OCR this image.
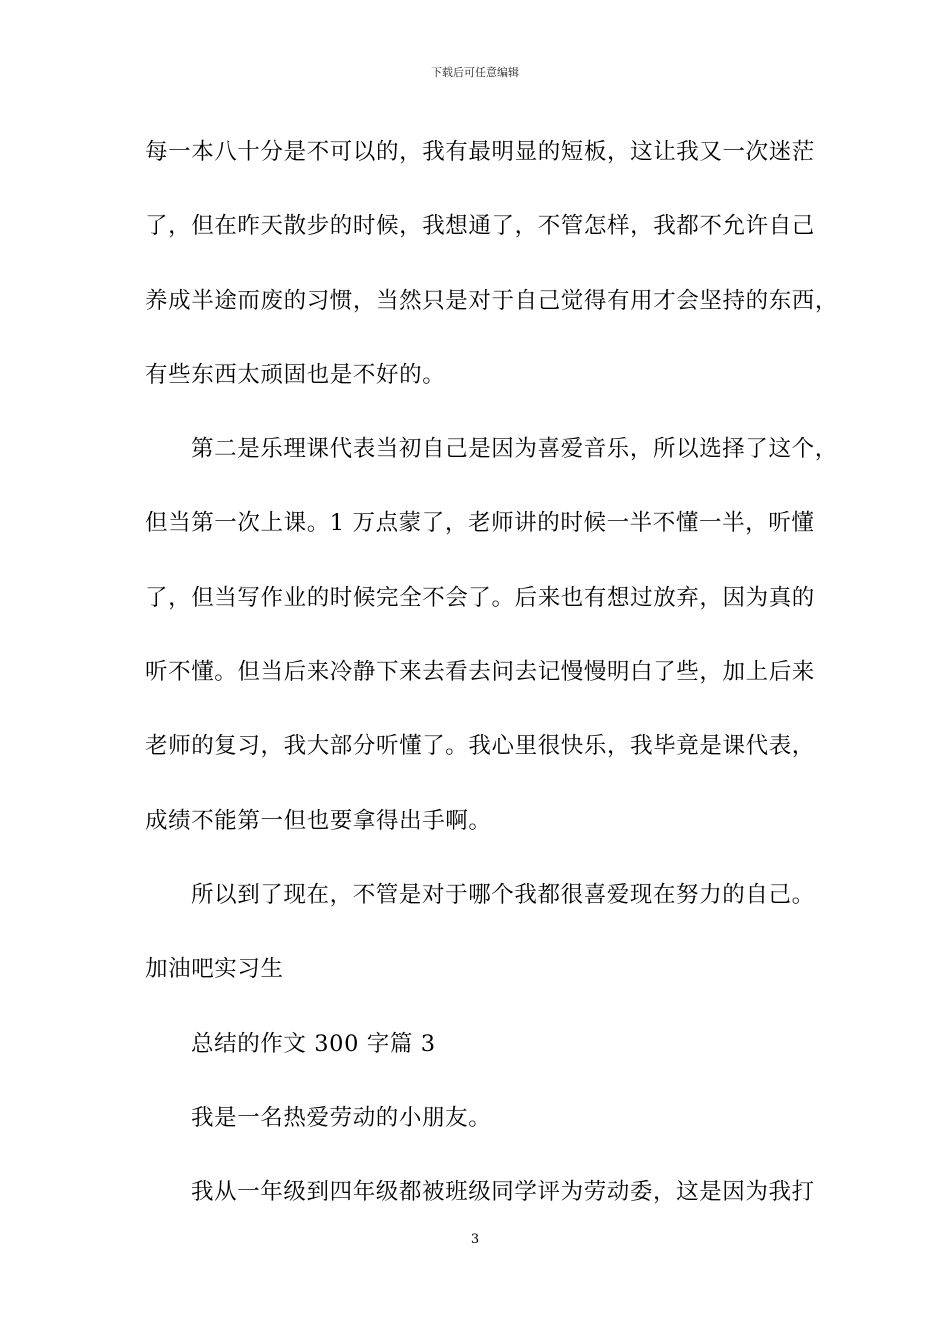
下载后可任意编辑
每一本八十分是不可以的，我有最明显的短板，这让我又一次迷茫
了，但在昨天散步的时候，我想通了，不管怎样，我都不允许自己
养成半途而废的习惯，当然只是对于自己觉得有用才会坚持的东西，
有些东西太顽固也是不好的。
第二是乐理课代表当初自己是因为喜爱音乐，所以选择了这个，
但当第一次上课。1 万点蒙了，老师讲的时候一半不懂一半，听懂
了，但当写作业的时候完全不会了。后来也有想过放弃，因为真的
听不懂。但当后来冷静下来去看去问去记慢慢明白了些，加上后来
老师的复习，我大部分听懂了。我心里很快乐，我毕竟是课代表，
成绩不能第一但也要拿得出手啊。
所以到了现在，不管是对于哪个我都很喜爱现在努力的自己。
加油吧实习生
总结的作文 300 字篇 3
我是一名热爱劳动的小朋友。
我从一年级到四年级都被班级同学评为劳动委，这是因为我打
3
